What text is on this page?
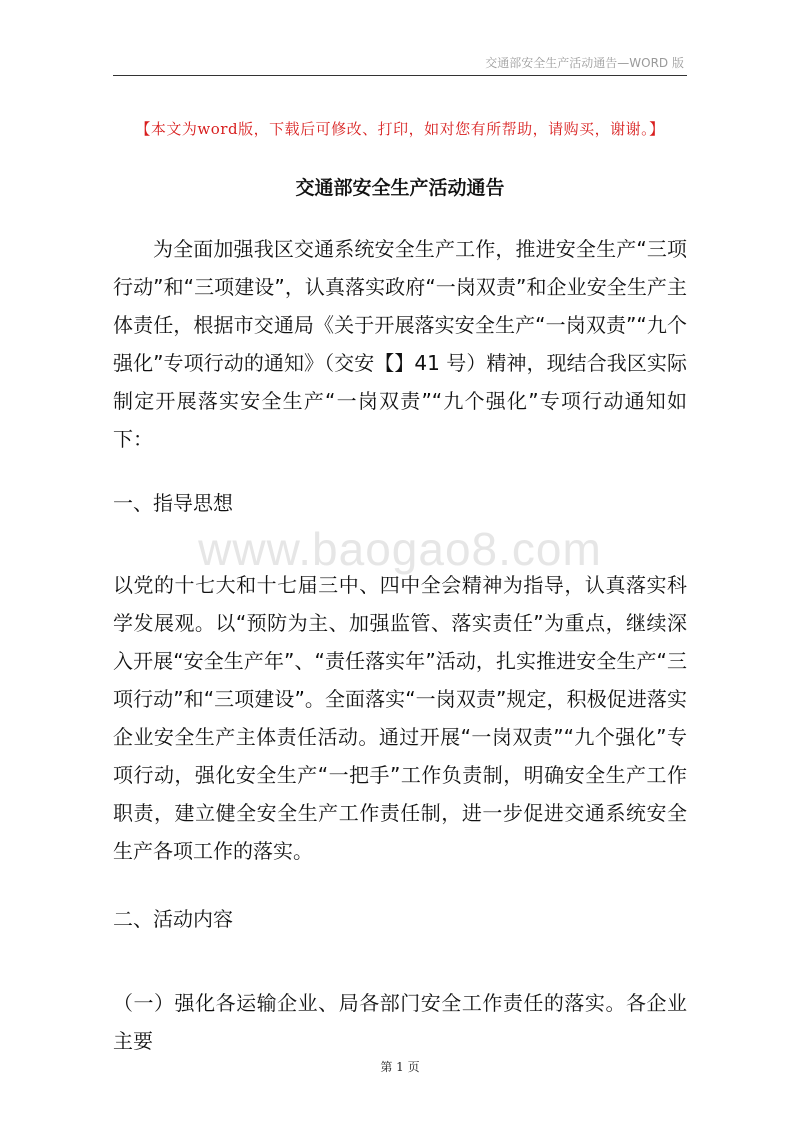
交通部安全生产活动通告—WORD 版
【本文为word版，下载后可修改、打印，如对您有所帮助，请购买，谢谢。】
交通部安全生产活动通告
为全面加强我区交通系统安全生产工作，推进安全生产“三项行动”和“三项建设”，认真落实政府“一岗双责”和企业安全生产主体责任，根据市交通局《关于开展落实安全生产“一岗双责”“九个强化”专项行动的通知》（交安【】41 号）精神，现结合我区实际制定开展落实安全生产“一岗双责”“九个强化”专项行动通知如下：
一、指导思想
www.baogao8.com
以党的十七大和十七届三中、四中全会精神为指导，认真落实科学发展观。以“预防为主、加强监管、落实责任”为重点，继续深入开展“安全生产年”、“责任落实年”活动，扎实推进安全生产“三项行动”和“三项建设”。全面落实“一岗双责”规定，积极促进落实企业安全生产主体责任活动。通过开展“一岗双责”“九个强化”专项行动，强化安全生产“一把手”工作负责制，明确安全生产工作职责，建立健全安全生产工作责任制，进一步促进交通系统安全生产各项工作的落实。
二、活动内容
（一）强化各运输企业、局各部门安全工作责任的落实。各企业主要
第 1 页
